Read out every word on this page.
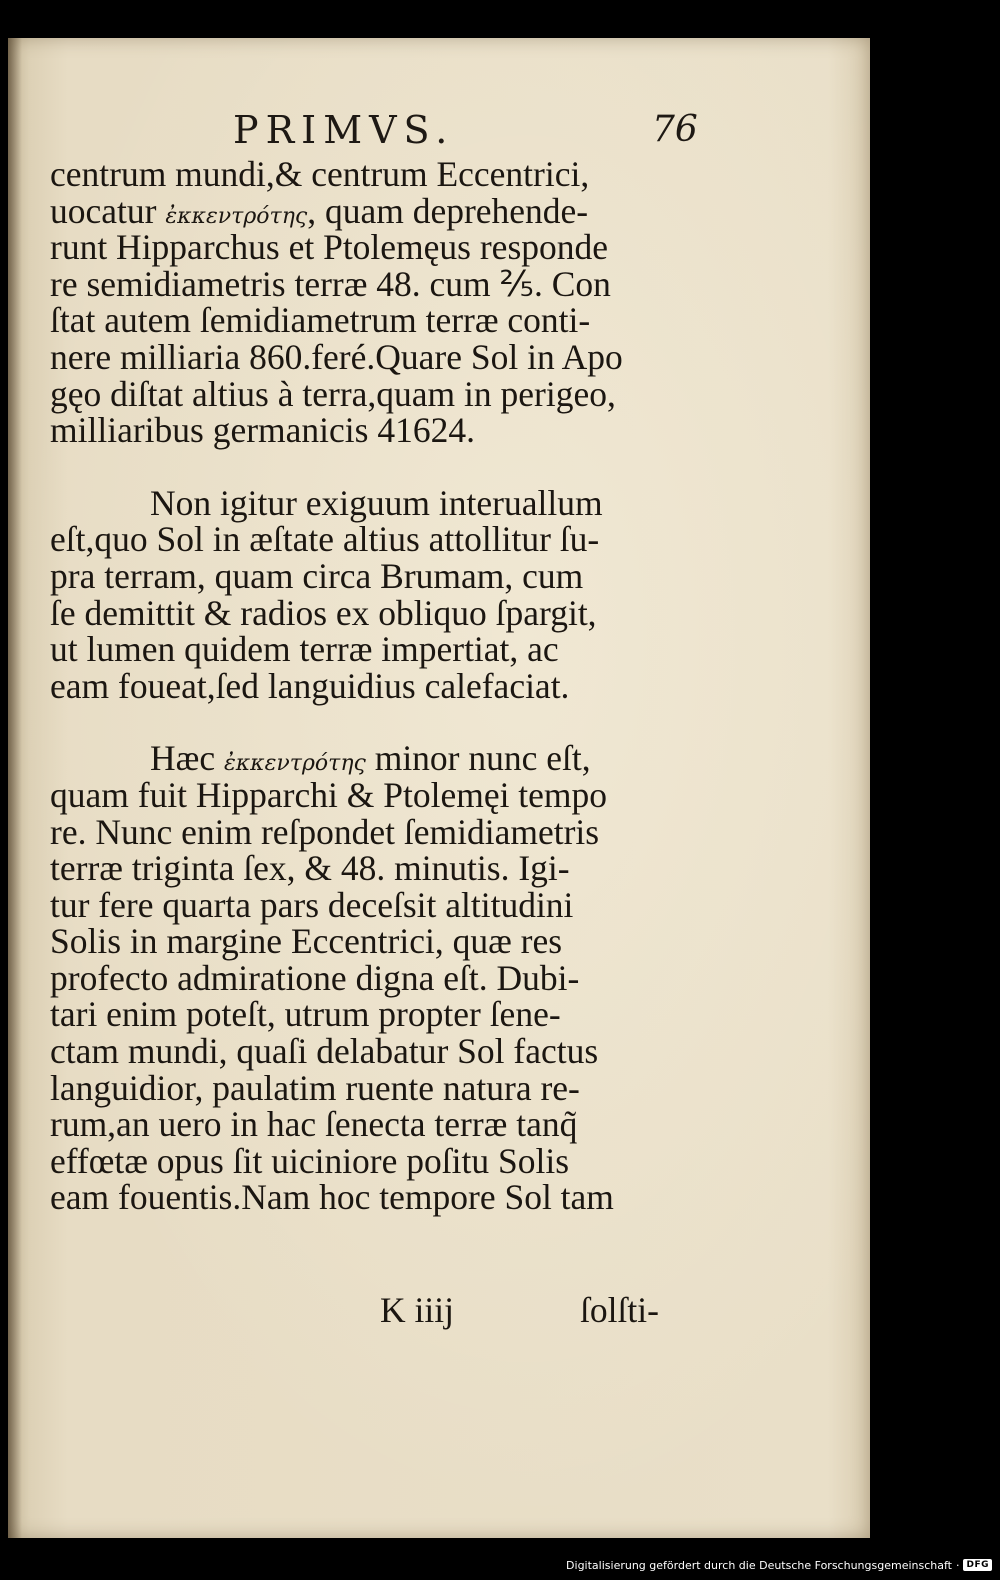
PRIMVS.	76
centrum mundi,& centrum Eccentrici,
uocatur ἐκκεντρότης, quam deprehende-
runt Hipparchus et Ptolemęus responde
re semidiametris terræ 48. cum ⅖. Con
ſtat autem ſemidiametrum terræ conti-
nere milliaria 860.feré.Quare Sol in Apo
gęo diſtat altius à terra,quam in perigeo,
milliaribus germanicis 41624.
Non igitur exiguum interuallum
eſt,quo Sol in æſtate altius attollitur ſu-
pra terram, quam circa Brumam, cum
ſe demittit & radios ex obliquo ſpargit,
ut lumen quidem terræ impertiat, ac
eam foueat,ſed languidius calefaciat.
Hæc ἐκκεντρότης minor nunc eſt,
quam fuit Hipparchi & Ptolemęi tempo
re. Nunc enim reſpondet ſemidiametris
terræ triginta ſex, & 48. minutis. Igi-
tur fere quarta pars deceſsit altitudini
Solis in margine Eccentrici, quæ res
profecto admiratione digna eſt. Dubi-
tari enim poteſt, utrum propter ſene-
ctam mundi, quaſi delabatur Sol factus
languidior, paulatim ruente natura re-
rum,an uero in hac ſenecta terræ tanq̃
effœtæ opus ſit uiciniore poſitu Solis
eam fouentis.Nam hoc tempore Sol tam
K iiij	ſolſti-
Digitalisierung gefördert durch die Deutsche Forschungsgemeinschaft · DFG
